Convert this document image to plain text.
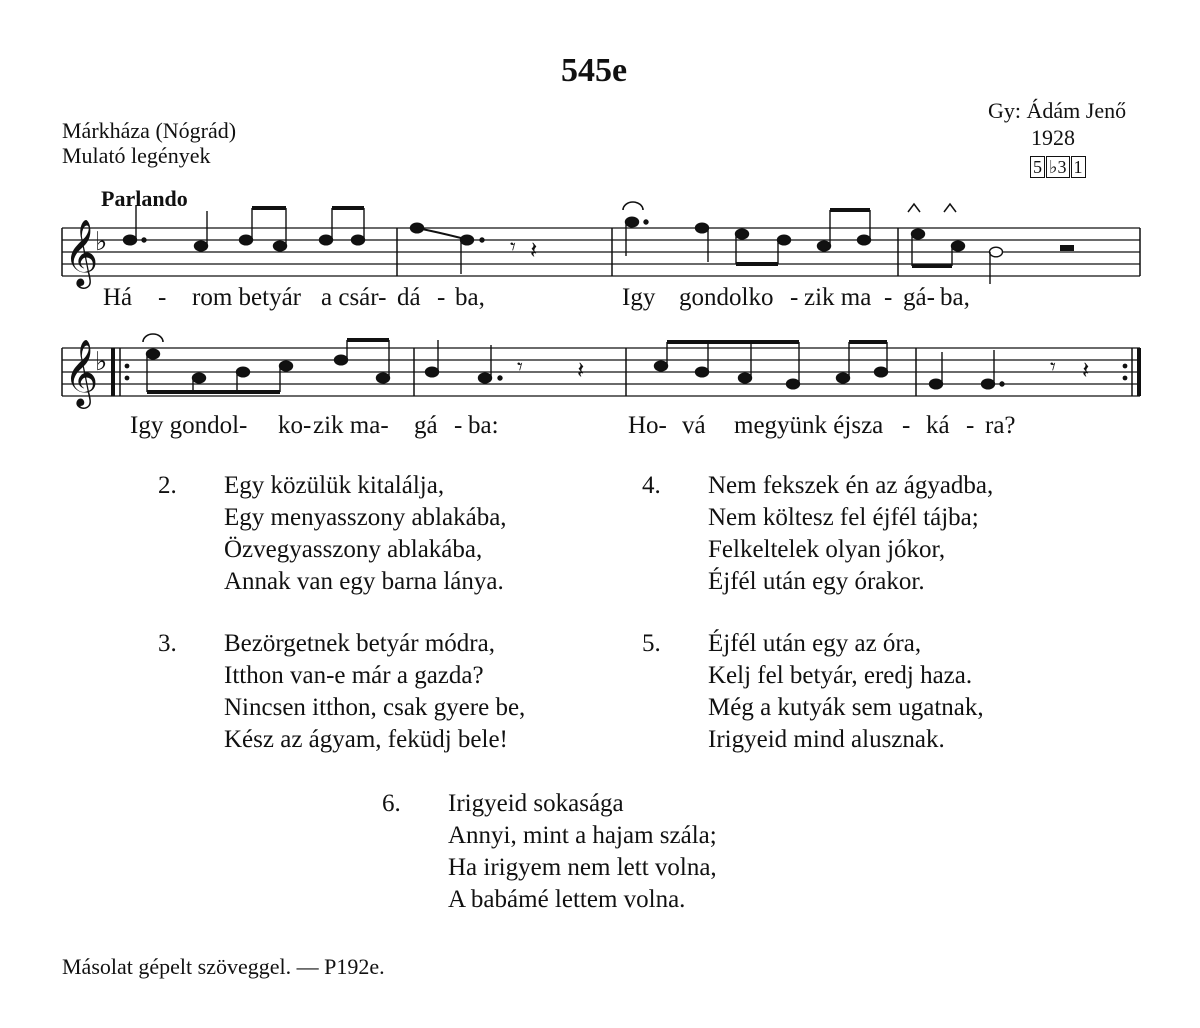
545e
Márkháza (Nógrád)
Mulató legények
Gy: Ádám Jenő
1928
5 ♭3 1
Parlando
𝄞
♭
𝄞
♭
𝄾 𝄽
𝄾 𝄽	𝄾 𝄽
Há - rom betyár a csár- dá - ba,	Igy gondolko - zik ma - gá- ba,
Igy gondol- ko- zik ma- gá - ba:	Ho- vá megyünk éjsza - ká - ra?
2. Egy közülük kitalálja,
Egy menyasszony ablakába,
Özvegyasszony ablakába,
Annak van egy barna lánya.
3. Bezörgetnek betyár módra,
Itthon van-e már a gazda?
Nincsen itthon, csak gyere be,
Kész az ágyam, feküdj bele!
4. Nem fekszek én az ágyadba,
Nem költesz fel éjfél tájba;
Felkeltelek olyan jókor,
Éjfél után egy órakor.
5. Éjfél után egy az óra,
Kelj fel betyár, eredj haza.
Még a kutyák sem ugatnak,
Irigyeid mind alusznak.
6. Irigyeid sokasága
Annyi, mint a hajam szála;
Ha irigyem nem lett volna,
A babámé lettem volna.
Másolat gépelt szöveggel. — P192e.
